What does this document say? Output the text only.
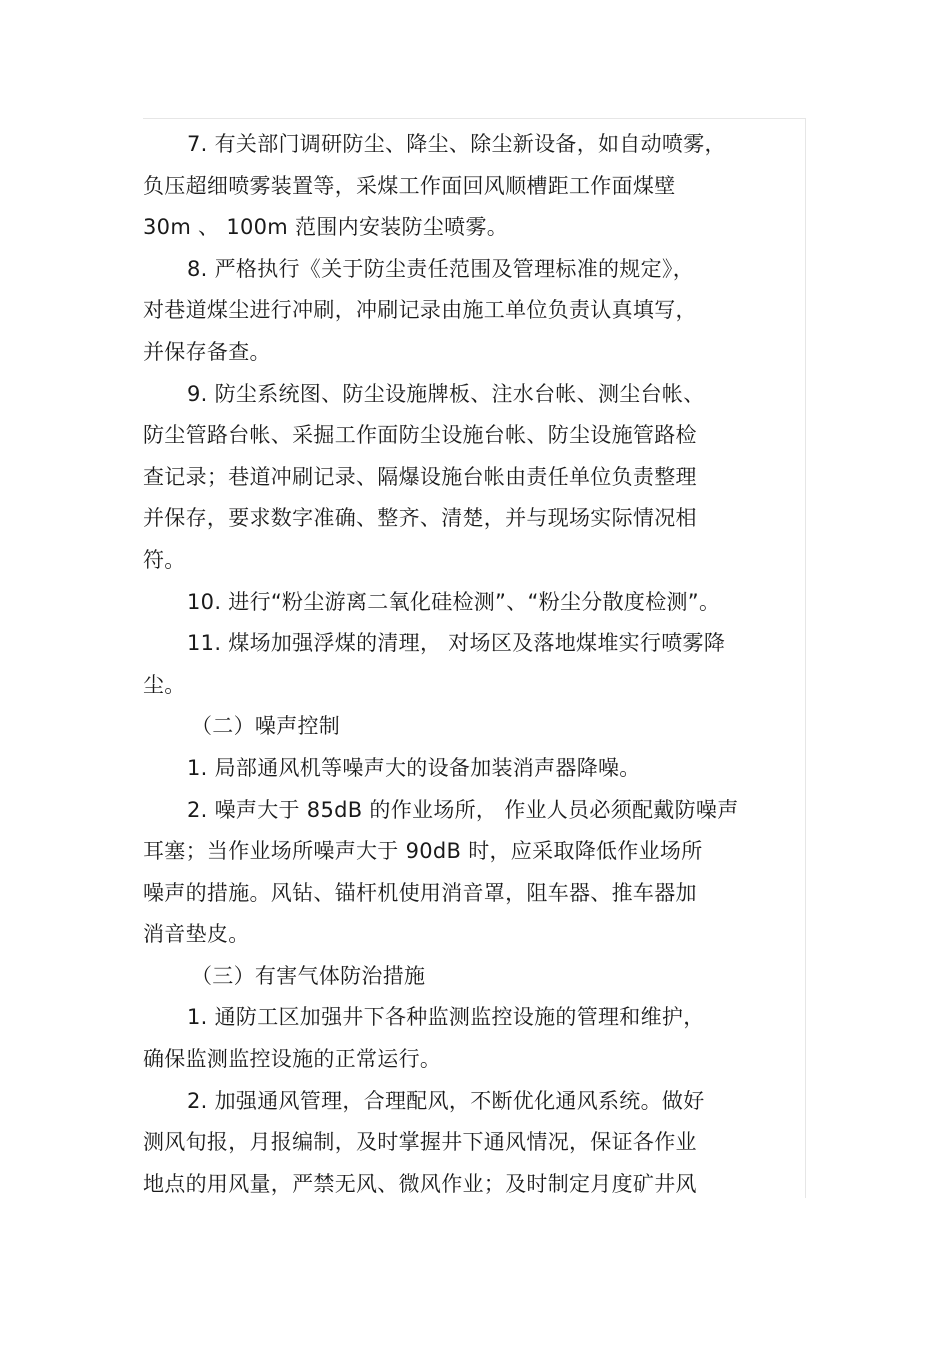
7. 有关部门调研防尘、降尘、除尘新设备，如自动喷雾，
负压超细喷雾装置等，采煤工作面回风顺槽距工作面煤壁
30m 、 100m 范围内安装防尘喷雾。
8. 严格执行《关于防尘责任范围及管理标准的规定》，
对巷道煤尘进行冲刷，冲刷记录由施工单位负责认真填写，
并保存备查。
9. 防尘系统图、防尘设施牌板、注水台帐、测尘台帐、
防尘管路台帐、采掘工作面防尘设施台帐、防尘设施管路检
查记录；巷道冲刷记录、隔爆设施台帐由责任单位负责整理
并保存，要求数字准确、整齐、清楚，并与现场实际情况相
符。
10. 进行“粉尘游离二氧化硅检测”、“粉尘分散度检测”。
11. 煤场加强浮煤的清理， 对场区及落地煤堆实行喷雾降
尘。
（二）噪声控制
1. 局部通风机等噪声大的设备加装消声器降噪。
2. 噪声大于 85dB 的作业场所， 作业人员必须配戴防噪声
耳塞；当作业场所噪声大于 90dB 时，应采取降低作业场所
噪声的措施。风钻、锚杆机使用消音罩，阻车器、推车器加
消音垫皮。
（三）有害气体防治措施
1. 通防工区加强井下各种监测监控设施的管理和维护，
确保监测监控设施的正常运行。
2. 加强通风管理，合理配风，不断优化通风系统。做好
测风旬报，月报编制，及时掌握井下通风情况，保证各作业
地点的用风量，严禁无风、微风作业；及时制定月度矿井风
